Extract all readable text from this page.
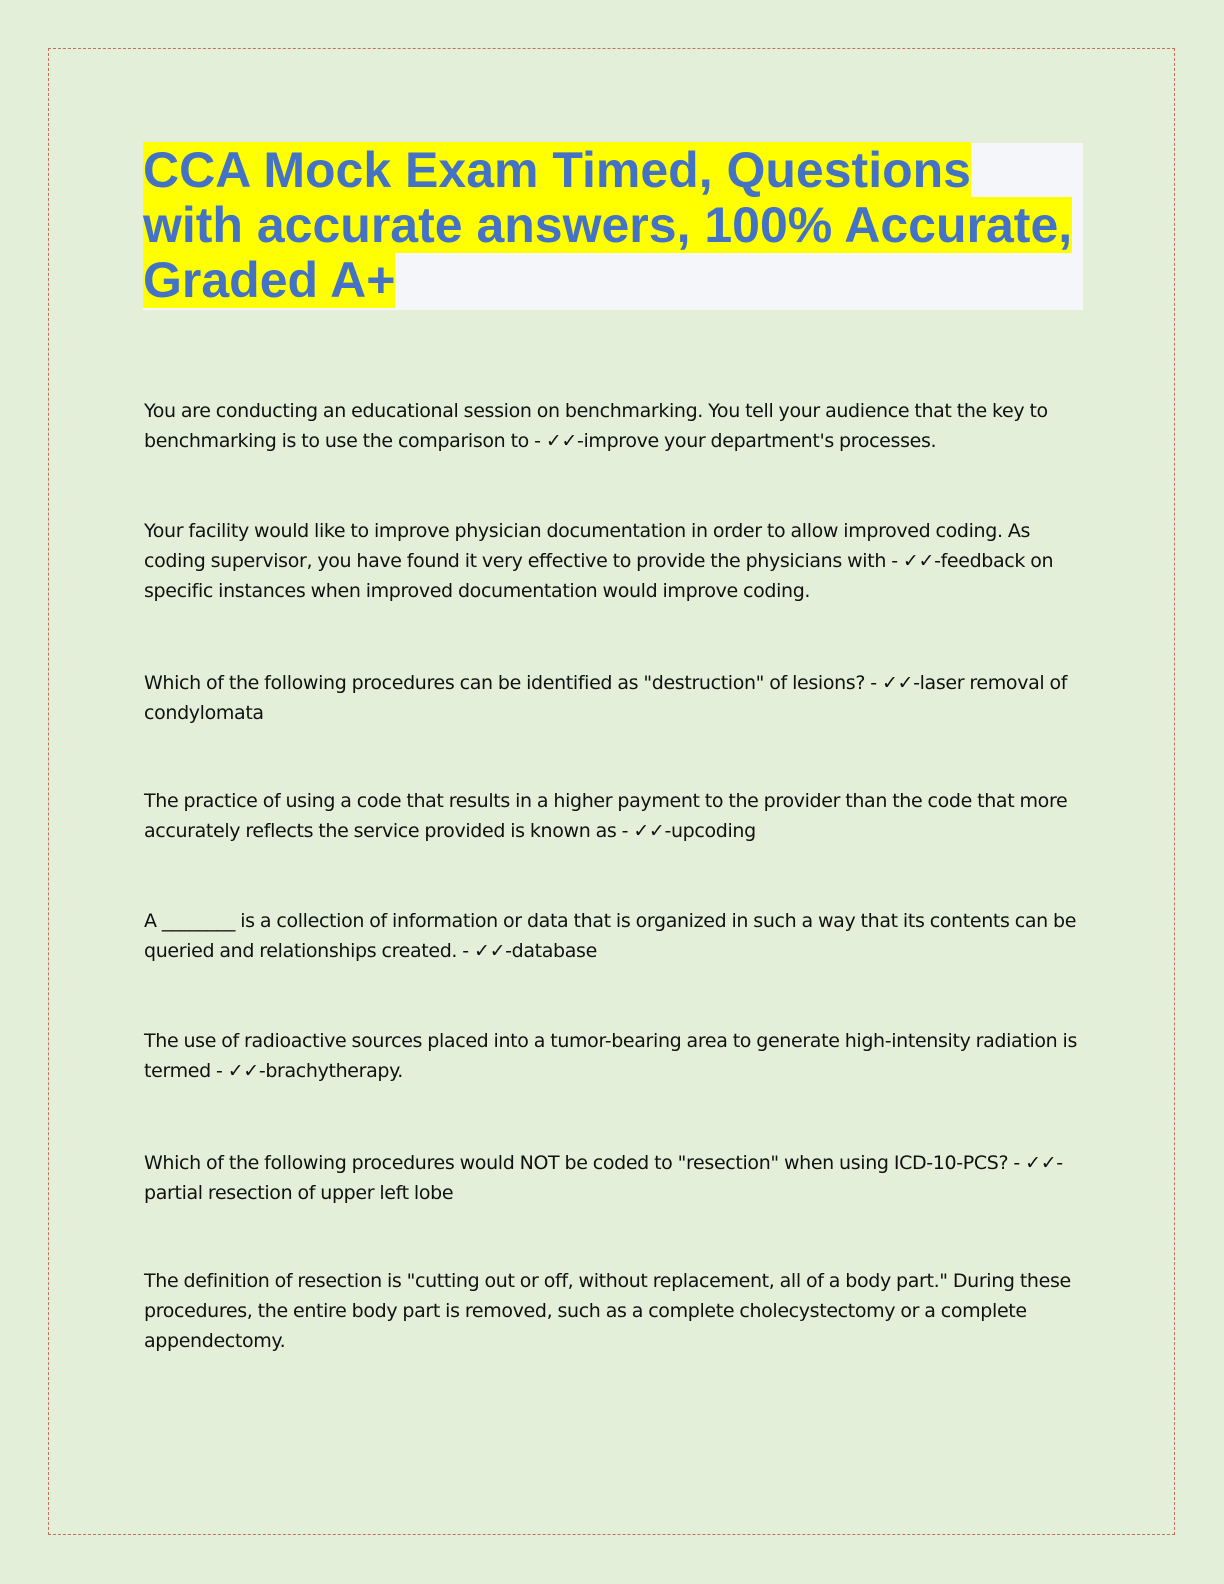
CCA Mock Exam Timed, Questions with accurate answers, 100% Accurate, Graded A+

You are conducting an educational session on benchmarking. You tell your audience that the key to benchmarking is to use the comparison to - ✓✓-improve your department's processes.

Your facility would like to improve physician documentation in order to allow improved coding. As coding supervisor, you have found it very effective to provide the physicians with - ✓✓-feedback on specific instances when improved documentation would improve coding.

Which of the following procedures can be identified as "destruction" of lesions? - ✓✓-laser removal of condylomata

The practice of using a code that results in a higher payment to the provider than the code that more accurately reflects the service provided is known as - ✓✓-upcoding

A ________ is a collection of information or data that is organized in such a way that its contents can be queried and relationships created. - ✓✓-database

The use of radioactive sources placed into a tumor-bearing area to generate high-intensity radiation is termed - ✓✓-brachytherapy.

Which of the following procedures would NOT be coded to "resection" when using ICD-10-PCS? - ✓✓-partial resection of upper left lobe

The definition of resection is "cutting out or off, without replacement, all of a body part." During these procedures, the entire body part is removed, such as a complete cholecystectomy or a complete appendectomy.
